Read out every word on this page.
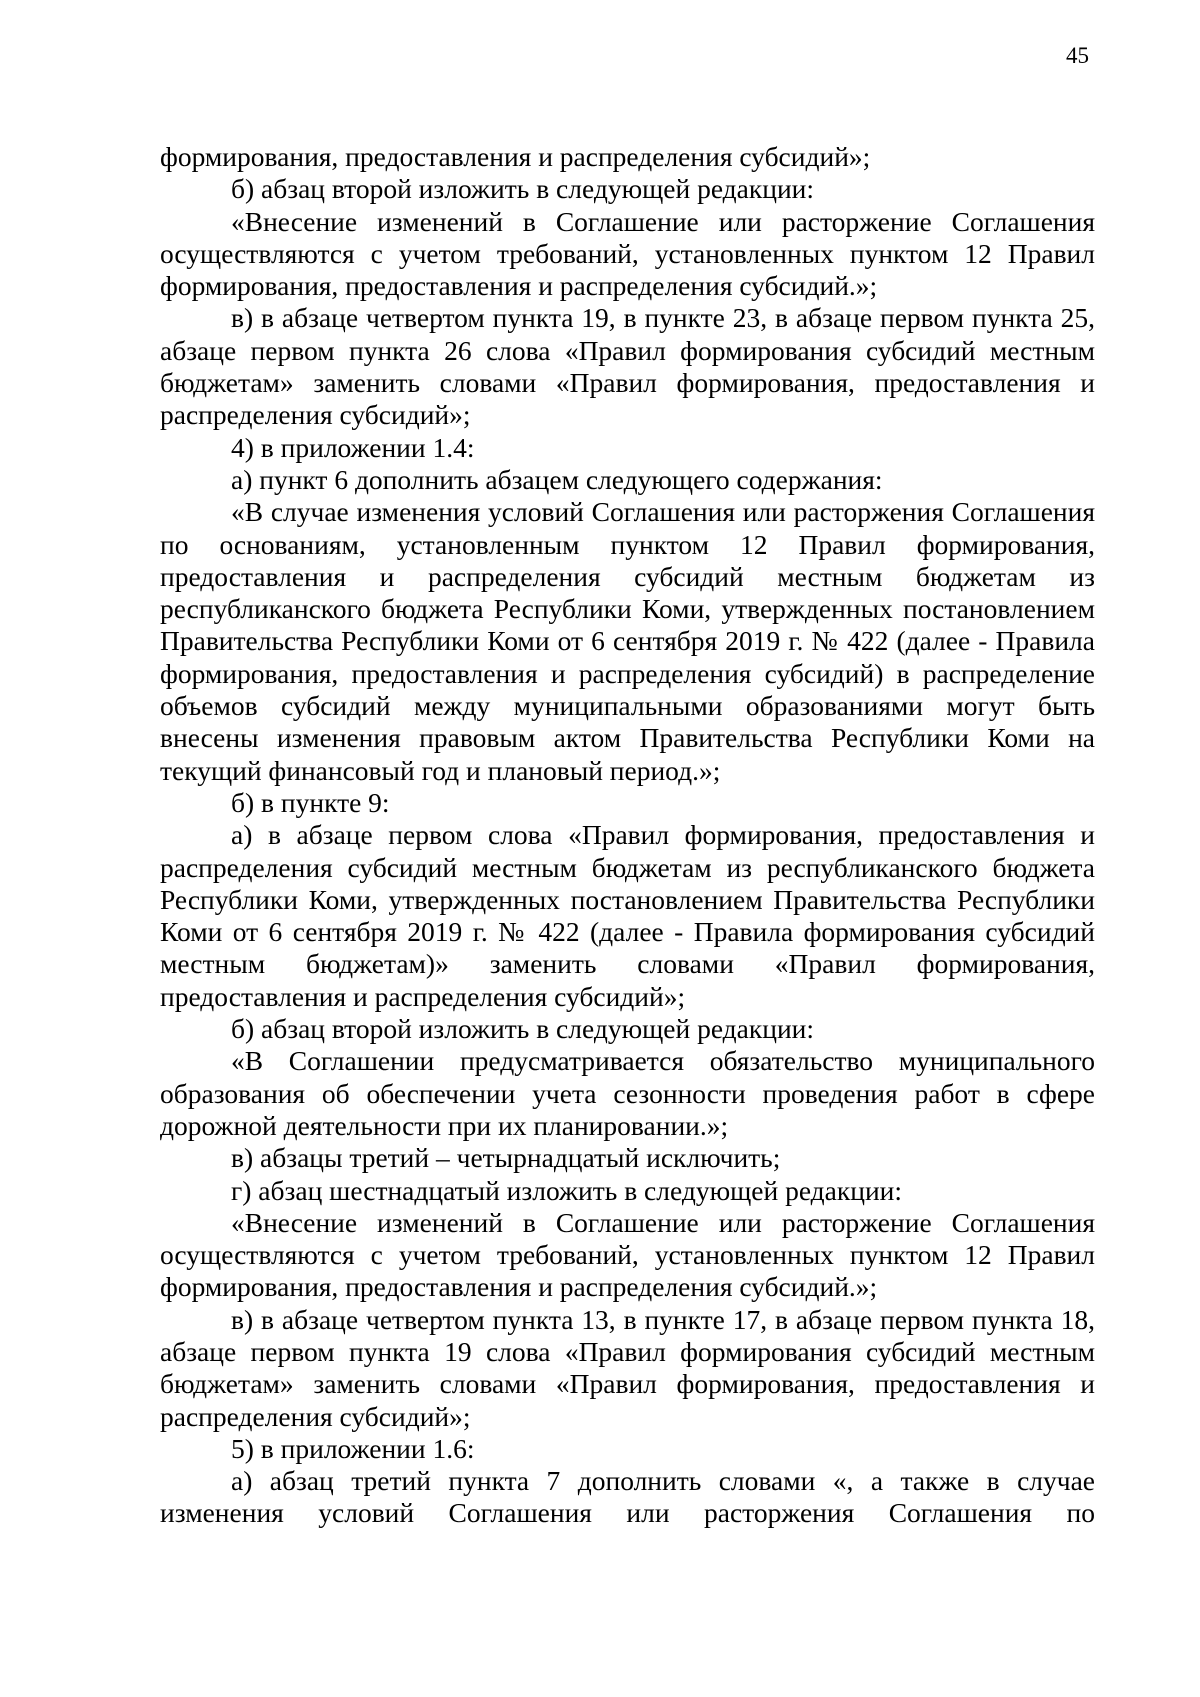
45

формирования, предоставления и распределения субсидий»;

б) абзац второй изложить в следующей редакции:

«Внесение изменений в Соглашение или расторжение Соглашения осуществляются с учетом требований, установленных пунктом 12 Правил формирования, предоставления и распределения субсидий.»;

в) в абзаце четвертом пункта 19, в пункте 23, в абзаце первом пункта 25, абзаце первом пункта 26 слова «Правил формирования субсидий местным бюджетам» заменить словами «Правил формирования, предоставления и распределения субсидий»;

4) в приложении 1.4:

а) пункт 6 дополнить абзацем следующего содержания:

«В случае изменения условий Соглашения или расторжения Соглашения по основаниям, установленным пунктом 12 Правил формирования, предоставления и распределения субсидий местным бюджетам из республиканского бюджета Республики Коми, утвержденных постановлением Правительства Республики Коми от 6 сентября 2019 г. № 422 (далее - Правила формирования, предоставления и распределения субсидий) в распределение объемов субсидий между муниципальными образованиями могут быть внесены изменения правовым актом Правительства Республики Коми на текущий финансовый год и плановый период.»;

б) в пункте 9:

а) в абзаце первом слова «Правил формирования, предоставления и распределения субсидий местным бюджетам из республиканского бюджета Республики Коми, утвержденных постановлением Правительства Республики Коми от 6 сентября 2019 г. № 422 (далее - Правила формирования субсидий местным бюджетам)» заменить словами «Правил формирования, предоставления и распределения субсидий»;

б) абзац второй изложить в следующей редакции:

«В Соглашении предусматривается обязательство муниципального образования об обеспечении учета сезонности проведения работ в сфере дорожной деятельности при их планировании.»;

в) абзацы третий – четырнадцатый исключить;

г) абзац шестнадцатый изложить в следующей редакции:

«Внесение изменений в Соглашение или расторжение Соглашения осуществляются с учетом требований, установленных пунктом 12 Правил формирования, предоставления и распределения субсидий.»;

в) в абзаце четвертом пункта 13, в пункте 17, в абзаце первом пункта 18, абзаце первом пункта 19 слова «Правил формирования субсидий местным бюджетам» заменить словами «Правил формирования, предоставления и распределения субсидий»;

5) в приложении 1.6:

а) абзац третий пункта 7 дополнить словами «, а также в случае изменения условий Соглашения или расторжения Соглашения по
